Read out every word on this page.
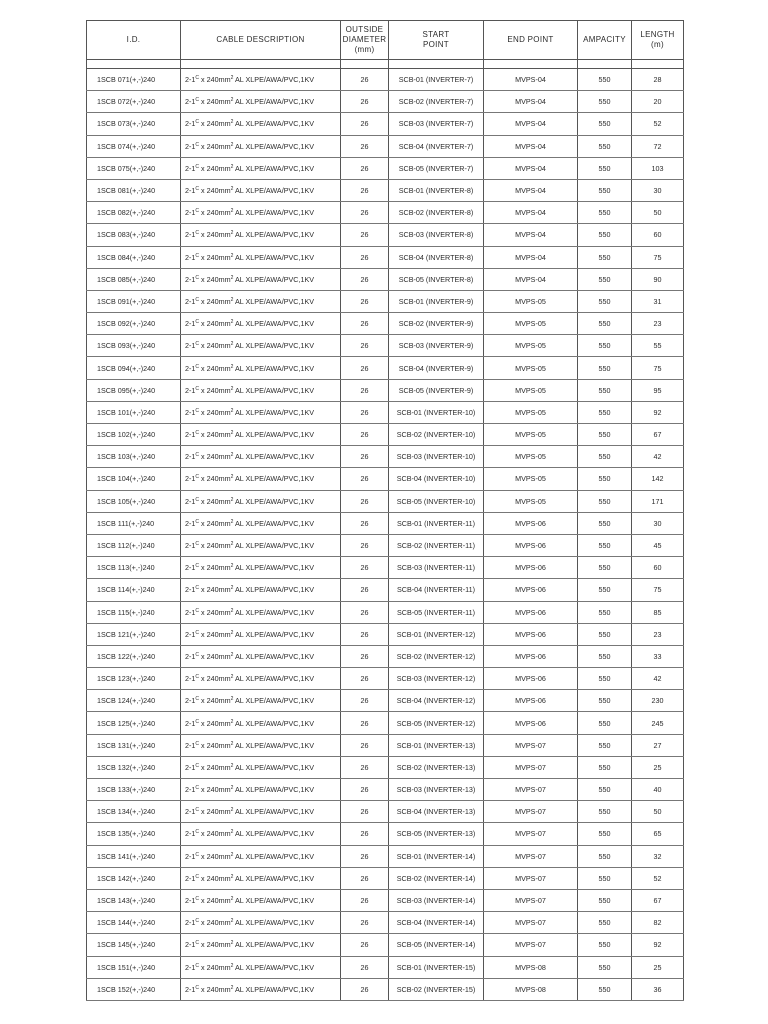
I.D.	CABLE DESCRIPTION	OUTSIDE
DIAMETER
(mm)	START
POINT	END POINT	AMPACITY	LENGTH
(m)

1SCB 071(+,-)240	$2-1^C$ x $240mm^2$ AL XLPE/AWA/PVC,1KV	26	SCB-01 (INVERTER-7)	MVPS-04	550	28
1SCB 072(+,-)240	$2-1^C$ x $240mm^2$ AL XLPE/AWA/PVC,1KV	26	SCB-02 (INVERTER-7)	MVPS-04	550	20
1SCB 073(+,-)240	$2-1^C$ x $240mm^2$ AL XLPE/AWA/PVC,1KV	26	SCB-03 (INVERTER-7)	MVPS-04	550	52
1SCB 074(+,-)240	$2-1^C$ x $240mm^2$ AL XLPE/AWA/PVC,1KV	26	SCB-04 (INVERTER-7)	MVPS-04	550	72
1SCB 075(+,-)240	$2-1^C$ x $240mm^2$ AL XLPE/AWA/PVC,1KV	26	SCB-05 (INVERTER-7)	MVPS-04	550	103
1SCB 081(+,-)240	$2-1^C$ x $240mm^2$ AL XLPE/AWA/PVC,1KV	26	SCB-01 (INVERTER-8)	MVPS-04	550	30
1SCB 082(+,-)240	$2-1^C$ x $240mm^2$ AL XLPE/AWA/PVC,1KV	26	SCB-02 (INVERTER-8)	MVPS-04	550	50
1SCB 083(+,-)240	$2-1^C$ x $240mm^2$ AL XLPE/AWA/PVC,1KV	26	SCB-03 (INVERTER-8)	MVPS-04	550	60
1SCB 084(+,-)240	$2-1^C$ x $240mm^2$ AL XLPE/AWA/PVC,1KV	26	SCB-04 (INVERTER-8)	MVPS-04	550	75
1SCB 085(+,-)240	$2-1^C$ x $240mm^2$ AL XLPE/AWA/PVC,1KV	26	SCB-05 (INVERTER-8)	MVPS-04	550	90
1SCB 091(+,-)240	$2-1^C$ x $240mm^2$ AL XLPE/AWA/PVC,1KV	26	SCB-01 (INVERTER-9)	MVPS-05	550	31
1SCB 092(+,-)240	$2-1^C$ x $240mm^2$ AL XLPE/AWA/PVC,1KV	26	SCB-02 (INVERTER-9)	MVPS-05	550	23
1SCB 093(+,-)240	$2-1^C$ x $240mm^2$ AL XLPE/AWA/PVC,1KV	26	SCB-03 (INVERTER-9)	MVPS-05	550	55
1SCB 094(+,-)240	$2-1^C$ x $240mm^2$ AL XLPE/AWA/PVC,1KV	26	SCB-04 (INVERTER-9)	MVPS-05	550	75
1SCB 095(+,-)240	$2-1^C$ x $240mm^2$ AL XLPE/AWA/PVC,1KV	26	SCB-05 (INVERTER-9)	MVPS-05	550	95
1SCB 101(+,-)240	$2-1^C$ x $240mm^2$ AL XLPE/AWA/PVC,1KV	26	SCB-01 (INVERTER-10)	MVPS-05	550	92
1SCB 102(+,-)240	$2-1^C$ x $240mm^2$ AL XLPE/AWA/PVC,1KV	26	SCB-02 (INVERTER-10)	MVPS-05	550	67
1SCB 103(+,-)240	$2-1^C$ x $240mm^2$ AL XLPE/AWA/PVC,1KV	26	SCB-03 (INVERTER-10)	MVPS-05	550	42
1SCB 104(+,-)240	$2-1^C$ x $240mm^2$ AL XLPE/AWA/PVC,1KV	26	SCB-04 (INVERTER-10)	MVPS-05	550	142
1SCB 105(+,-)240	$2-1^C$ x $240mm^2$ AL XLPE/AWA/PVC,1KV	26	SCB-05 (INVERTER-10)	MVPS-05	550	171
1SCB 111(+,-)240	$2-1^C$ x $240mm^2$ AL XLPE/AWA/PVC,1KV	26	SCB-01 (INVERTER-11)	MVPS-06	550	30
1SCB 112(+,-)240	$2-1^C$ x $240mm^2$ AL XLPE/AWA/PVC,1KV	26	SCB-02 (INVERTER-11)	MVPS-06	550	45
1SCB 113(+,-)240	$2-1^C$ x $240mm^2$ AL XLPE/AWA/PVC,1KV	26	SCB-03 (INVERTER-11)	MVPS-06	550	60
1SCB 114(+,-)240	$2-1^C$ x $240mm^2$ AL XLPE/AWA/PVC,1KV	26	SCB-04 (INVERTER-11)	MVPS-06	550	75
1SCB 115(+,-)240	$2-1^C$ x $240mm^2$ AL XLPE/AWA/PVC,1KV	26	SCB-05 (INVERTER-11)	MVPS-06	550	85
1SCB 121(+,-)240	$2-1^C$ x $240mm^2$ AL XLPE/AWA/PVC,1KV	26	SCB-01 (INVERTER-12)	MVPS-06	550	23
1SCB 122(+,-)240	$2-1^C$ x $240mm^2$ AL XLPE/AWA/PVC,1KV	26	SCB-02 (INVERTER-12)	MVPS-06	550	33
1SCB 123(+,-)240	$2-1^C$ x $240mm^2$ AL XLPE/AWA/PVC,1KV	26	SCB-03 (INVERTER-12)	MVPS-06	550	42
1SCB 124(+,-)240	$2-1^C$ x $240mm^2$ AL XLPE/AWA/PVC,1KV	26	SCB-04 (INVERTER-12)	MVPS-06	550	230
1SCB 125(+,-)240	$2-1^C$ x $240mm^2$ AL XLPE/AWA/PVC,1KV	26	SCB-05 (INVERTER-12)	MVPS-06	550	245
1SCB 131(+,-)240	$2-1^C$ x $240mm^2$ AL XLPE/AWA/PVC,1KV	26	SCB-01 (INVERTER-13)	MVPS-07	550	27
1SCB 132(+,-)240	$2-1^C$ x $240mm^2$ AL XLPE/AWA/PVC,1KV	26	SCB-02 (INVERTER-13)	MVPS-07	550	25
1SCB 133(+,-)240	$2-1^C$ x $240mm^2$ AL XLPE/AWA/PVC,1KV	26	SCB-03 (INVERTER-13)	MVPS-07	550	40
1SCB 134(+,-)240	$2-1^C$ x $240mm^2$ AL XLPE/AWA/PVC,1KV	26	SCB-04 (INVERTER-13)	MVPS-07	550	50
1SCB 135(+,-)240	$2-1^C$ x $240mm^2$ AL XLPE/AWA/PVC,1KV	26	SCB-05 (INVERTER-13)	MVPS-07	550	65
1SCB 141(+,-)240	$2-1^C$ x $240mm^2$ AL XLPE/AWA/PVC,1KV	26	SCB-01 (INVERTER-14)	MVPS-07	550	32
1SCB 142(+,-)240	$2-1^C$ x $240mm^2$ AL XLPE/AWA/PVC,1KV	26	SCB-02 (INVERTER-14)	MVPS-07	550	52
1SCB 143(+,-)240	$2-1^C$ x $240mm^2$ AL XLPE/AWA/PVC,1KV	26	SCB-03 (INVERTER-14)	MVPS-07	550	67
1SCB 144(+,-)240	$2-1^C$ x $240mm^2$ AL XLPE/AWA/PVC,1KV	26	SCB-04 (INVERTER-14)	MVPS-07	550	82
1SCB 145(+,-)240	$2-1^C$ x $240mm^2$ AL XLPE/AWA/PVC,1KV	26	SCB-05 (INVERTER-14)	MVPS-07	550	92
1SCB 151(+,-)240	$2-1^C$ x $240mm^2$ AL XLPE/AWA/PVC,1KV	26	SCB-01 (INVERTER-15)	MVPS-08	550	25
1SCB 152(+,-)240	$2-1^C$ x $240mm^2$ AL XLPE/AWA/PVC,1KV	26	SCB-02 (INVERTER-15)	MVPS-08	550	36
